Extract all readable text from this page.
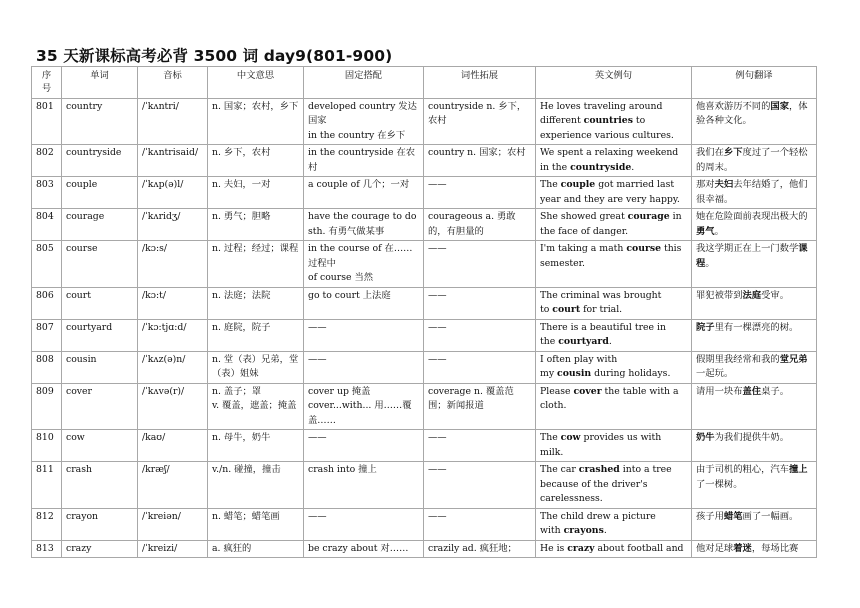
35 天新课标高考必背 3500 词 day9(801-900)
序号	单词	音标	中文意思	固定搭配	词性拓展	英文例句	例句翻译
801	country	/ˈkʌntri/	n. 国家；农村，乡下	developed country 发达国家
in the country 在乡下	countryside n. 乡下，农村	He loves traveling around different countries to experience various cultures.	他喜欢游历不同的国家，体验各种文化。
802	countryside	/ˈkʌntrisaid/	n. 乡下，农村	in the countryside 在农村	country n. 国家；农村	We spent a relaxing weekend in the countryside.	我们在乡下度过了一个轻松的周末。
803	couple	/ˈkʌp(ə)l/	n. 夫妇，一对	a couple of 几个；一对	——	The couple got married last year and they are very happy.	那对夫妇去年结婚了，他们很幸福。
804	courage	/ˈkʌridʒ/	n. 勇气；胆略	have the courage to do sth. 有勇气做某事	courageous a. 勇敢的，有胆量的	She showed great courage in the face of danger.	她在危险面前表现出极大的勇气。
805	course	/kɔ:s/	n. 过程；经过；课程	in the course of 在……过程中
of course 当然	——	I'm taking a math course this semester.	我这学期正在上一门数学课程。
806	court	/kɔ:t/	n. 法庭；法院	go to court 上法庭	——	The criminal was brought
to court for trial.	罪犯被带到法庭受审。
807	courtyard	/ˈkɔ:tjɑ:d/	n. 庭院，院子	——	——	There is a beautiful tree in
the courtyard.	院子里有一棵漂亮的树。
808	cousin	/ˈkʌz(ə)n/	n. 堂（表）兄弟，堂（表）姐妹	——	——	I often play with
my cousin during holidays.	假期里我经常和我的堂兄弟一起玩。
809	cover	/ˈkʌvə(r)/	n. 盖子；罩
v. 覆盖，遮盖；掩盖	cover up 掩盖
cover...with... 用……覆盖……	coverage n. 覆盖范围；新闻报道	Please cover the table with a cloth.	请用一块布盖住桌子。
810	cow	/kaʊ/	n. 母牛，奶牛	——	——	The cow provides us with milk.	奶牛为我们提供牛奶。
811	crash	/kræʃ/	v./n. 碰撞，撞击	crash into 撞上	——	The car crashed into a tree because of the driver's carelessness.	由于司机的粗心，汽车撞上了一棵树。
812	crayon	/ˈkreiən/	n. 蜡笔；蜡笔画	——	——	The child drew a picture
with crayons.	孩子用蜡笔画了一幅画。
813	crazy	/ˈkreizi/	a. 疯狂的	be crazy about 对……	crazily ad. 疯狂地；	He is crazy about football and	他对足球着迷，每场比赛
